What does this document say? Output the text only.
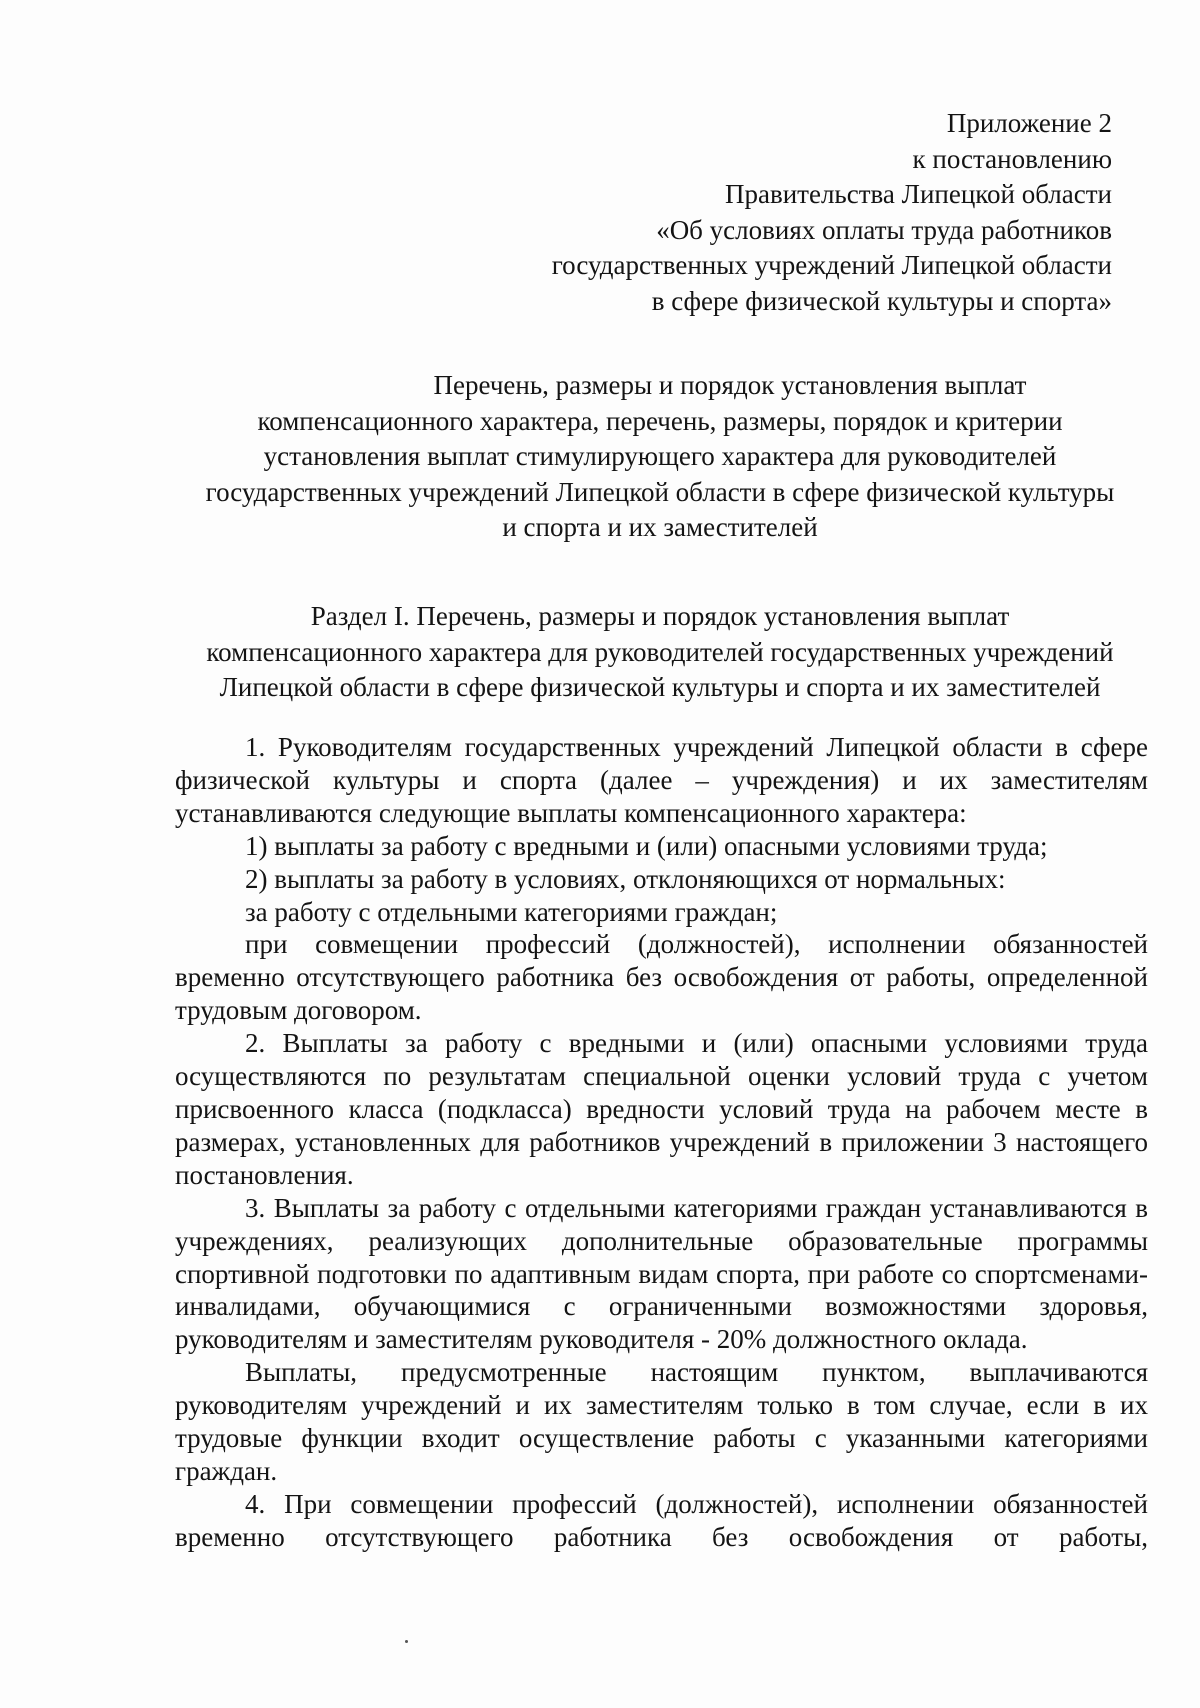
Приложение 2
к постановлению
Правительства Липецкой области
«Об условиях оплаты труда работников
государственных учреждений Липецкой области
в сфере физической культуры и спорта»
Перечень, размеры и порядок установления выплат
компенсационного характера, перечень, размеры, порядок и критерии
установления выплат стимулирующего характера для руководителей
государственных учреждений Липецкой области в сфере физической культуры
и спорта и их заместителей
Раздел I. Перечень, размеры и порядок установления выплат
компенсационного характера для руководителей государственных учреждений
Липецкой области в сфере физической культуры и спорта и их заместителей

1. Руководителям государственных учреждений Липецкой области в сфере физической культуры и спорта (далее – учреждения) и их заместителям устанавливаются следующие выплаты компенсационного характера:

1) выплаты за работу с вредными и (или) опасными условиями труда;
2) выплаты за работу в условиях, отклоняющихся от нормальных:
за работу с отдельными категориями граждан;

при совмещении профессий (должностей), исполнении обязанностей временно отсутствующего работника без освобождения от работы, определенной трудовым договором.

2. Выплаты за работу с вредными и (или) опасными условиями труда осуществляются по результатам специальной оценки условий труда с учетом присвоенного класса (подкласса) вредности условий труда на рабочем месте в размерах, установленных для работников учреждений в приложении 3 настоящего постановления.

3. Выплаты за работу с отдельными категориями граждан устанавливаются в учреждениях, реализующих дополнительные образовательные программы спортивной подготовки по адаптивным видам спорта, при работе со спортсменами-инвалидами, обучающимися с ограниченными возможностями здоровья, руководителям и заместителям руководителя - 20% должностного оклада.

Выплаты, предусмотренные настоящим пунктом, выплачиваются руководителям учреждений и их заместителям только в том случае, если в их трудовые функции входит осуществление работы с указанными категориями граждан.

4. При совмещении профессий (должностей), исполнении обязанностей временно отсутствующего работника без освобождения от работы,
